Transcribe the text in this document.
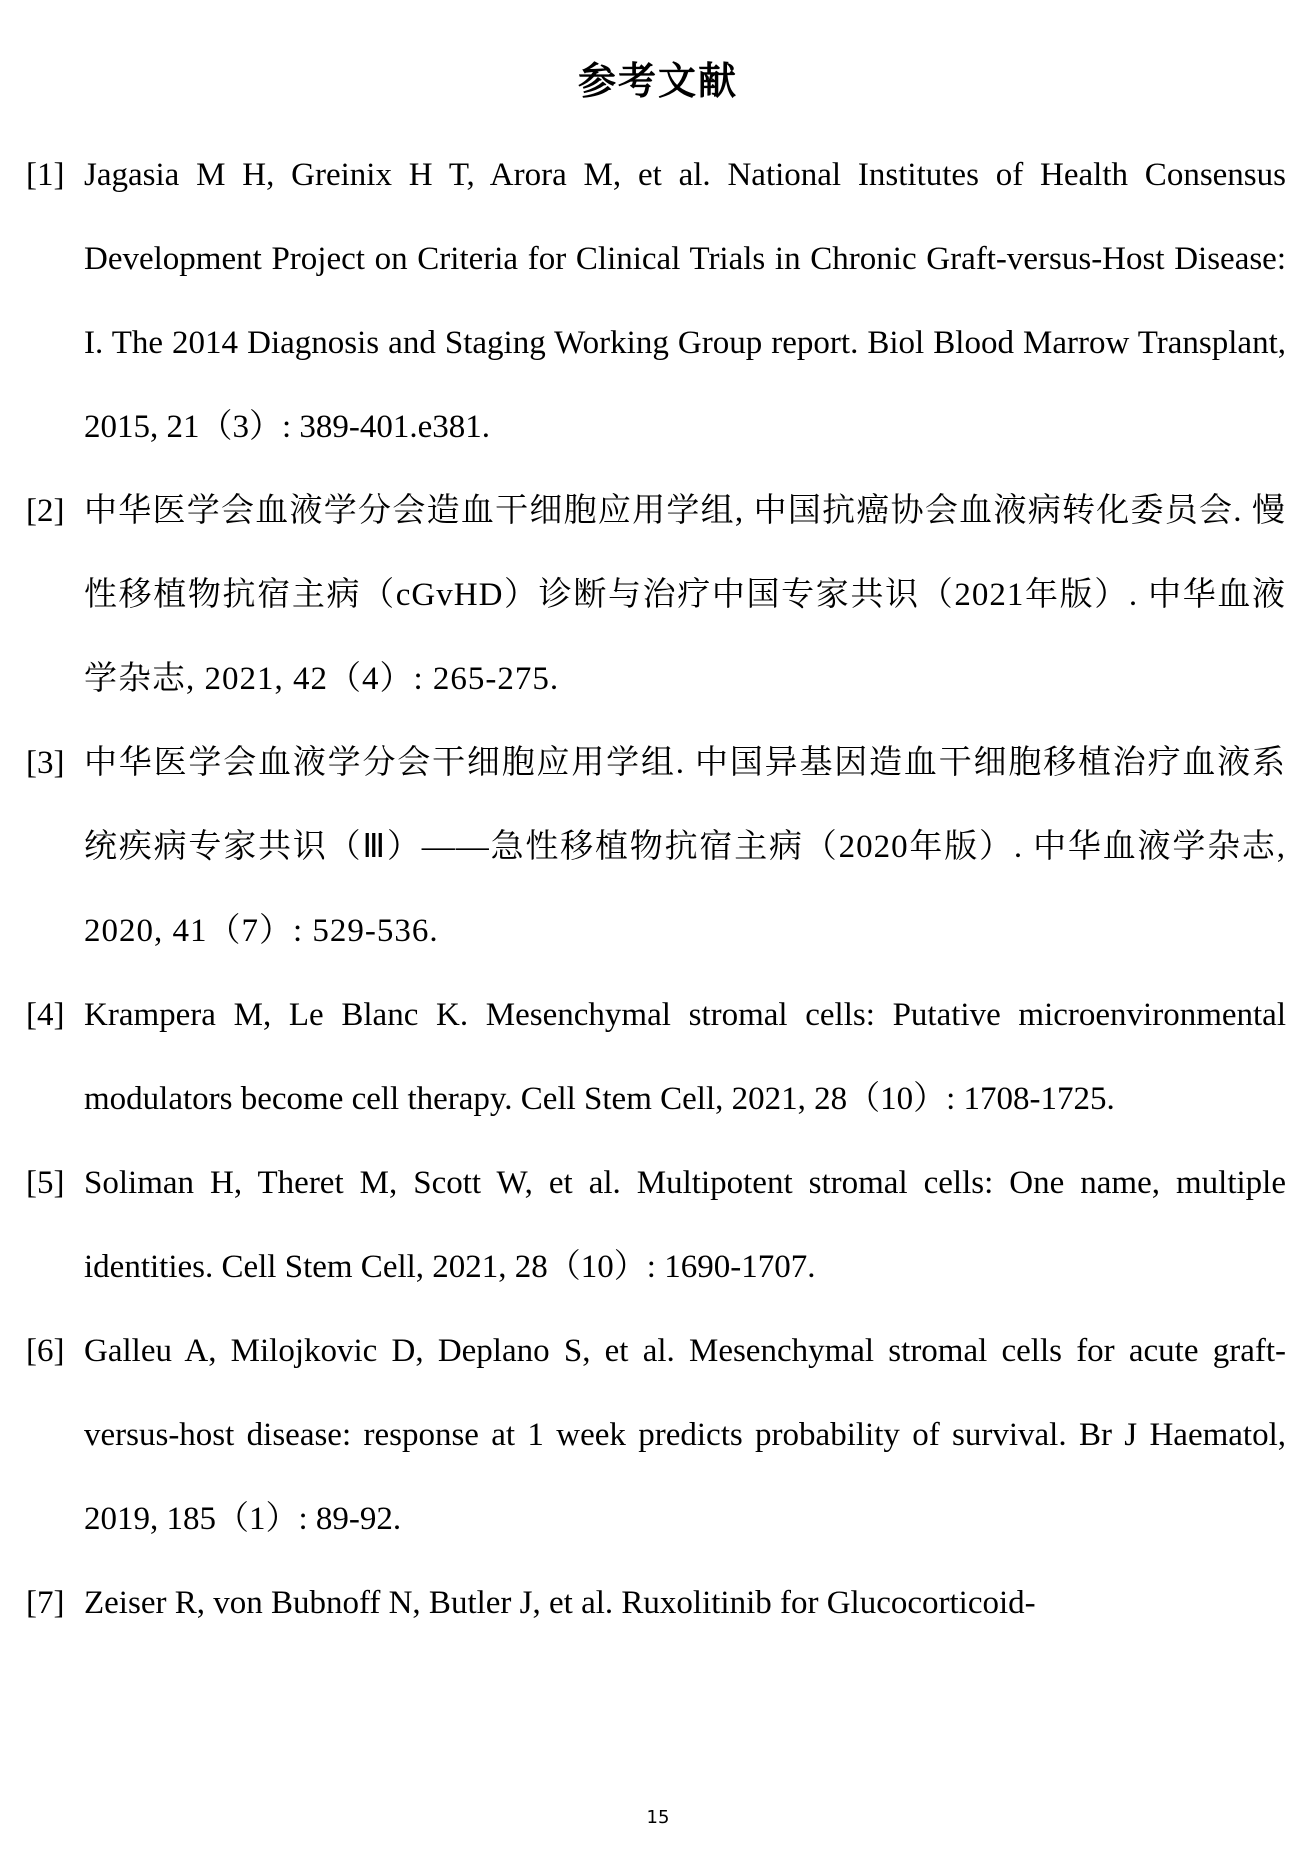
参考文献
[1] Jagasia M H, Greinix H T, Arora M, et al. National Institutes of Health Consensus Development Project on Criteria for Clinical Trials in Chronic Graft-versus-Host Disease: I. The 2014 Diagnosis and Staging Working Group report. Biol Blood Marrow Transplant, 2015, 21（3）: 389-401.e381.
[2] 中华医学会血液学分会造血干细胞应用学组, 中国抗癌协会血液病转化委员会. 慢性移植物抗宿主病（cGvHD）诊断与治疗中国专家共识（2021年版）. 中华血液学杂志, 2021, 42（4）: 265-275.
[3] 中华医学会血液学分会干细胞应用学组. 中国异基因造血干细胞移植治疗血液系统疾病专家共识（Ⅲ）——急性移植物抗宿主病（2020年版）. 中华血液学杂志, 2020, 41（7）: 529-536.
[4] Krampera M, Le Blanc K. Mesenchymal stromal cells: Putative microenvironmental modulators become cell therapy. Cell Stem Cell, 2021, 28（10）: 1708-1725.
[5] Soliman H, Theret M, Scott W, et al. Multipotent stromal cells: One name, multiple identities. Cell Stem Cell, 2021, 28（10）: 1690-1707.
[6] Galleu A, Milojkovic D, Deplano S, et al. Mesenchymal stromal cells for acute graft-versus-host disease: response at 1 week predicts probability of survival. Br J Haematol, 2019, 185（1）: 89-92.
[7] Zeiser R, von Bubnoff N, Butler J, et al. Ruxolitinib for Glucocorticoid-
15
